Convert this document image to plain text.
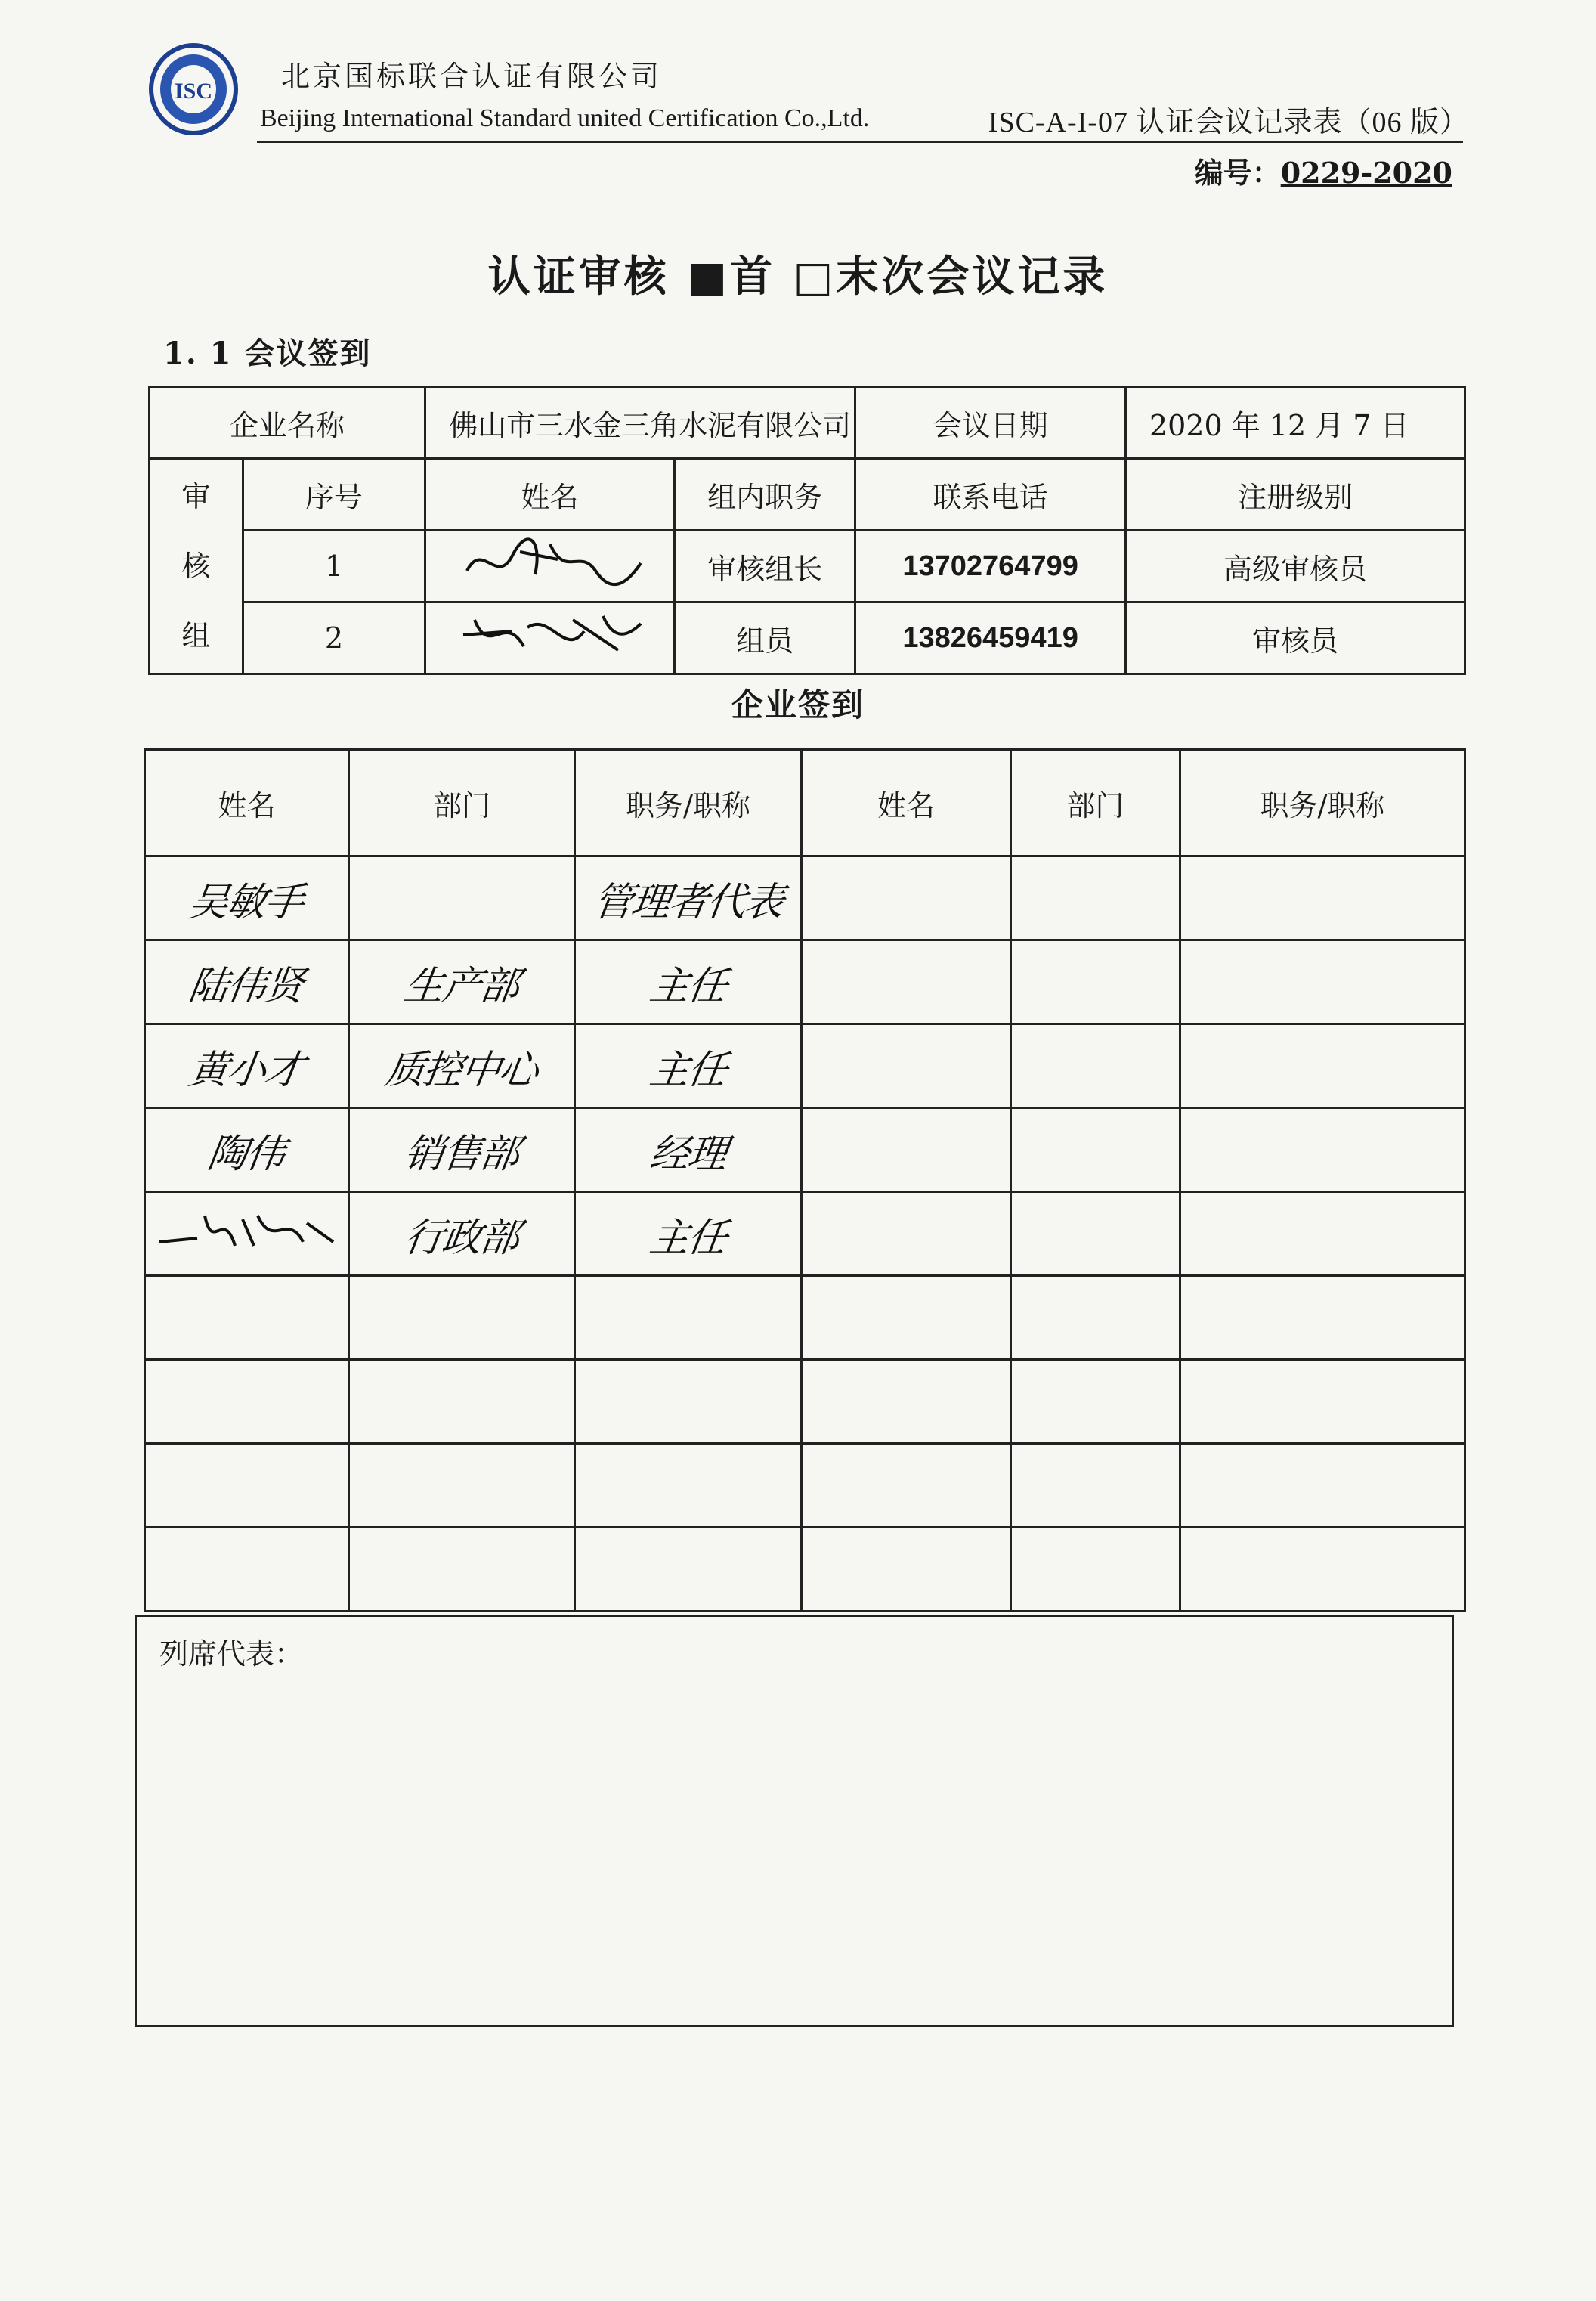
ISC 北京国标联合认证有限公司
Beijing International Standard united Certification Co.,Ltd.	ISC-A-I-07 认证会议记录表（06 版）
编号：0229-2020
认证审核 ■首 □末次会议记录
1. 1 会议签到
企业名称		佛山市三水金三角水泥有限公司		会议日期	2020 年 12 月 7 日

审
核
组	序号	姓名	组内职务	联系电话	注册级别
	1		审核组长	13702764799	高级审核员
	2		组员	13826459419	审核员
企业签到
姓名	部门	职务/职称	姓名	部门	职务/职称
吴敏手		管理者代表			
陆伟贤	生产部	主任			
黄小才	质控中心	主任			
陶伟	销售部	经理			
	行政部	主任			

列席代表：
